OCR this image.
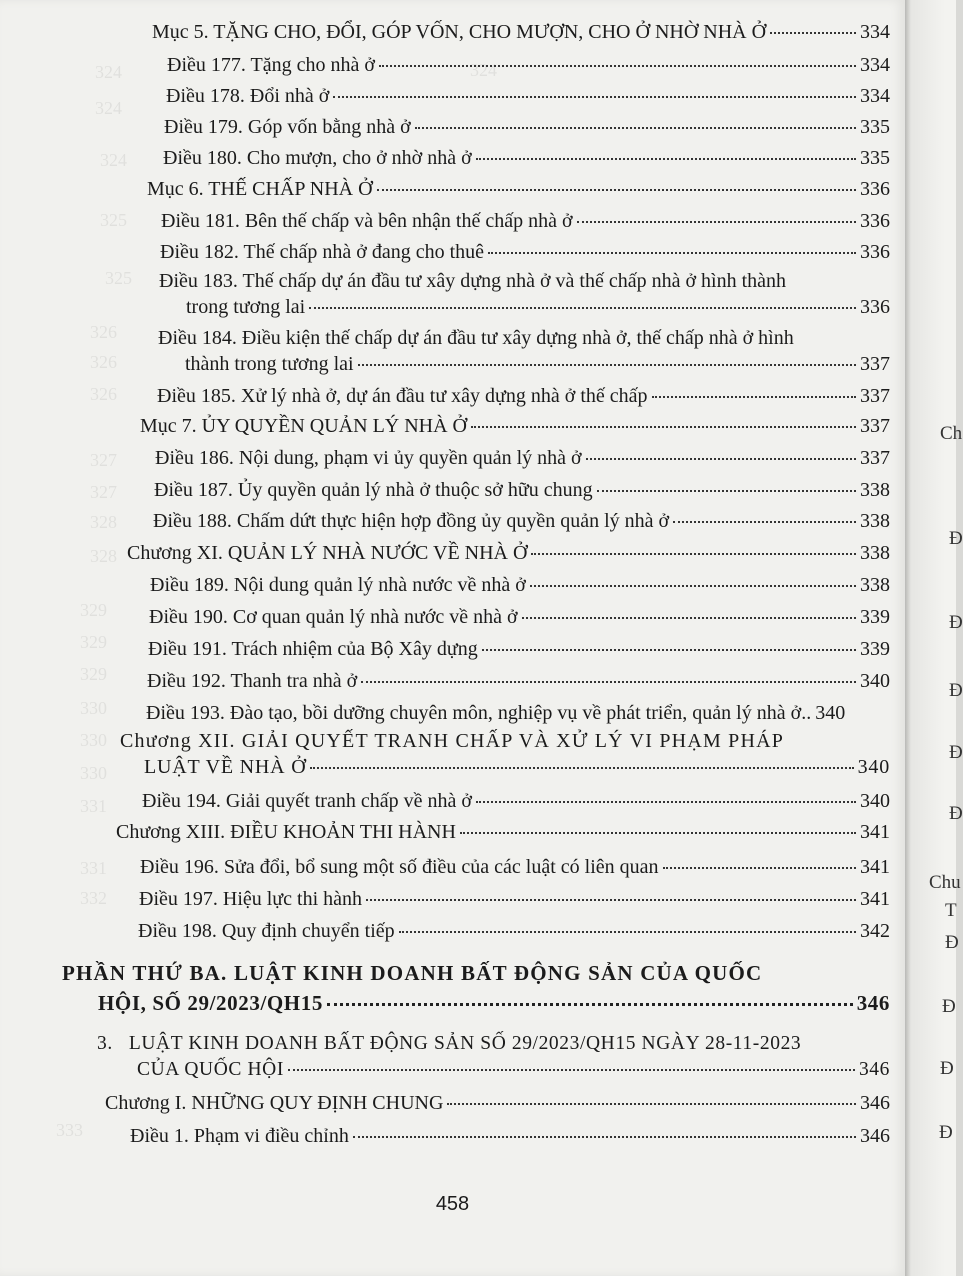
324
324
324
324
325
325
326
326
326
327
327
328
328
329
329
329
330
330
330
331
331
332
333
Mục 5. TẶNG CHO, ĐỔI, GÓP VỐN, CHO MƯỢN, CHO Ở NHỜ NHÀ Ở	334
Điều 177. Tặng cho nhà ở	334
Điều 178. Đổi nhà ở	334
Điều 179. Góp vốn bằng nhà ở	335
Điều 180. Cho mượn, cho ở nhờ nhà ở	335
Mục 6. THẾ CHẤP NHÀ Ở	336
Điều 181. Bên thế chấp và bên nhận thế chấp nhà ở	336
Điều 182. Thế chấp nhà ở đang cho thuê	336
Điều 183. Thế chấp dự án đầu tư xây dựng nhà ở và thế chấp nhà ở hình thành
trong tương lai	336
Điều 184. Điều kiện thế chấp dự án đầu tư xây dựng nhà ở, thế chấp nhà ở hình
thành trong tương lai	337
Điều 185. Xử lý nhà ở, dự án đầu tư xây dựng nhà ở thế chấp	337
Mục 7. ỦY QUYỀN QUẢN LÝ NHÀ Ở	337
Điều 186. Nội dung, phạm vi ủy quyền quản lý nhà ở	337
Điều 187. Ủy quyền quản lý nhà ở thuộc sở hữu chung	338
Điều 188. Chấm dứt thực hiện hợp đồng ủy quyền quản lý nhà ở	338
Chương XI. QUẢN LÝ NHÀ NƯỚC VỀ NHÀ Ở	338
Điều 189. Nội dung quản lý nhà nước về nhà ở	338
Điều 190. Cơ quan quản lý nhà nước về nhà ở	339
Điều 191. Trách nhiệm của Bộ Xây dựng	339
Điều 192. Thanh tra nhà ở	340
Điều 193. Đào tạo, bồi dưỡng chuyên môn, nghiệp vụ về phát triển, quản lý nhà ở.. 340
Chương XII. GIẢI QUYẾT TRANH CHẤP VÀ XỬ LÝ VI PHẠM PHÁP
LUẬT VỀ NHÀ Ở	340
Điều 194. Giải quyết tranh chấp về nhà ở	340
Chương XIII. ĐIỀU KHOẢN THI HÀNH	341
Điều 196. Sửa đổi, bổ sung một số điều của các luật có liên quan	341
Điều 197. Hiệu lực thi hành	341
Điều 198. Quy định chuyển tiếp	342
PHẦN THỨ BA. LUẬT KINH DOANH BẤT ĐỘNG SẢN CỦA QUỐC
HỘI, SỐ 29/2023/QH15	346
3. LUẬT KINH DOANH BẤT ĐỘNG SẢN SỐ 29/2023/QH15 NGÀY 28-11-2023
CỦA QUỐC HỘI	346
Chương I. NHỮNG QUY ĐỊNH CHUNG	346
Điều 1. Phạm vi điều chỉnh	346
458
Ch
Chu
T
Đ
Đ
Đ
Đ
Đ
Đ
Đ
Đ
Đ
